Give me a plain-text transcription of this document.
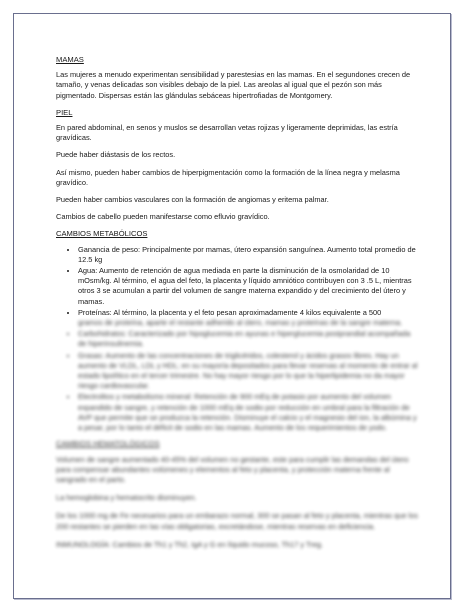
MAMAS

Las mujeres a menudo experimentan sensibilidad y parestesias en las mamas. En el segundones crecen de tamaño, y venas delicadas son visibles debajo de la piel. Las areolas al igual que el pezón son más pigmentado. Dispersas están las glándulas sebáceas hipertrofiadas de Montgomery.

PIEL

En pared abdominal, en senos y muslos se desarrollan vetas rojizas y ligeramente deprimidas, las estría gravídicas.

Puede haber diástasis de los rectos.

Así mismo, pueden haber cambios de hiperpigmentación como la formación de la línea negra y melasma gravídico.

Pueden haber cambios vasculares con la formación de angiomas y eritema palmar.

Cambios de cabello pueden manifestarse como efluvio gravídico.

CAMBIOS METABÓLICOS
• Ganancia de peso: Principalmente por mamas, útero expansión sanguínea. Aumento total promedio de 12.5 kg
• Agua: Aumento de retención de agua mediada en parte la disminución de la osmolaridad de 10 mOsm/kg. Al término, el agua del feto, la placenta y líquido amniótico contribuyen con 3 .5 L, mientras otros 3 se acumulan a partir del volumen de sangre materna expandido y del crecimiento del útero y mamas.
• Proteínas: Al término, la placenta y el feto pesan aproximadamente 4 kilos equivalente a 500
gramos de proteína, aparte el restante adherido al útero, mamas y proteínas de la sangre materna.
• Carbohidratos: Caracterizado por hipoglucemia en ayunas e hiperglucemia postprandial acompañada de hiperinsulinemia.
• Grasas: Aumento de las concentraciones de triglicéridos, colesterol y ácidos grasos libres. Hay un aumento de VLDL, LDL y HDL; en su mayoría depositados para llevar reservas al momento de entrar al estado lipolítico en el tercer trimestre. No hay mayor riesgo por lo que la hiperlipidemia no da mayor riesgo cardiovascular.
• Electrolitos y metabolismo mineral: Retención de 900 mEq de potasio por aumento del volumen expandido de sangre, y retención de 1000 mEq de sodio por reducción en umbral para la filtración de AVP que permite que se produzca la retención. Disminuye el calcio y el magnesio del ion, la albúmina y a pesar, por lo tanto el déficit de sodio en las mamas. Aumento de los requerimientos de yodo.
CAMBIOS HEMATOLÓGICOS

Volumen de sangre aumentado 40-45% del volumen no gestante, este para cumplir las demandas del útero para compensar abundantes volúmenes y elementos al feto y placenta, y protección materna frente al sangrado en el parto.

La hemoglobina y hematocrito disminuyen.

De los 1000 mg de Fe necesarios para un embarazo normal, 300 se pasan al feto y placenta, mientras que los 200 restantes se pierden en las vías obligatorias, excretándose, mientras reservas en deficiencia.

INMUNOLOGÍA: Cambios de Th1 y Th2, IgA y G en líquido mucoso, Th17 y Treg.
